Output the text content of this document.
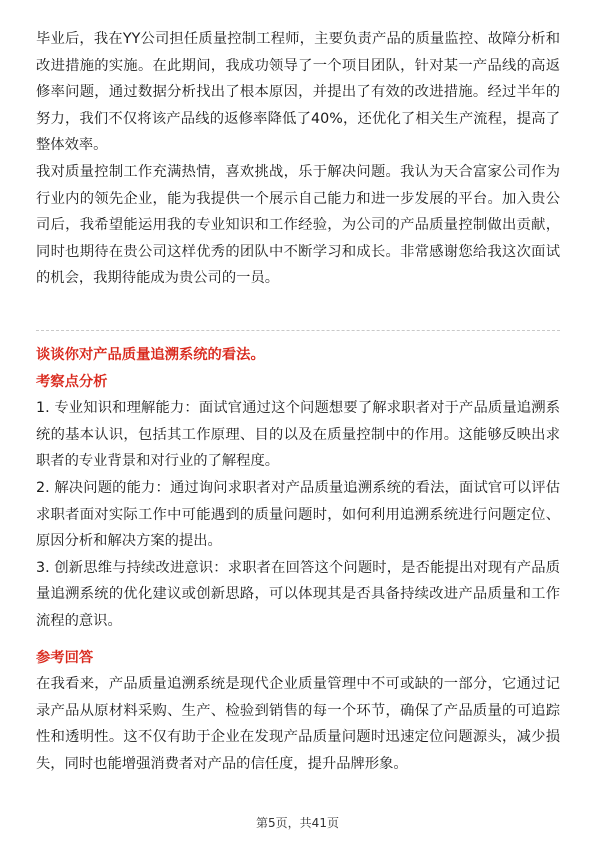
毕业后，我在YY公司担任质量控制工程师，主要负责产品的质量监控、故障分析和改进措施的实施。在此期间，我成功领导了一个项目团队，针对某一产品线的高返修率问题，通过数据分析找出了根本原因，并提出了有效的改进措施。经过半年的努力，我们不仅将该产品线的返修率降低了40%，还优化了相关生产流程，提高了整体效率。

我对质量控制工作充满热情，喜欢挑战，乐于解决问题。我认为天合富家公司作为行业内的领先企业，能为我提供一个展示自己能力和进一步发展的平台。加入贵公司后，我希望能运用我的专业知识和工作经验，为公司的产品质量控制做出贡献，同时也期待在贵公司这样优秀的团队中不断学习和成长。非常感谢您给我这次面试的机会，我期待能成为贵公司的一员。

谈谈你对产品质量追溯系统的看法。

考察点分析

1. 专业知识和理解能力：面试官通过这个问题想要了解求职者对于产品质量追溯系统的基本认识，包括其工作原理、目的以及在质量控制中的作用。这能够反映出求职者的专业背景和对行业的了解程度。

2. 解决问题的能力：通过询问求职者对产品质量追溯系统的看法，面试官可以评估求职者面对实际工作中可能遇到的质量问题时，如何利用追溯系统进行问题定位、原因分析和解决方案的提出。

3. 创新思维与持续改进意识：求职者在回答这个问题时，是否能提出对现有产品质量追溯系统的优化建议或创新思路，可以体现其是否具备持续改进产品质量和工作流程的意识。

参考回答

在我看来，产品质量追溯系统是现代企业质量管理中不可或缺的一部分，它通过记录产品从原材料采购、生产、检验到销售的每一个环节，确保了产品质量的可追踪性和透明性。这不仅有助于企业在发现产品质量问题时迅速定位问题源头，减少损失，同时也能增强消费者对产品的信任度，提升品牌形象。

第5页，共41页
